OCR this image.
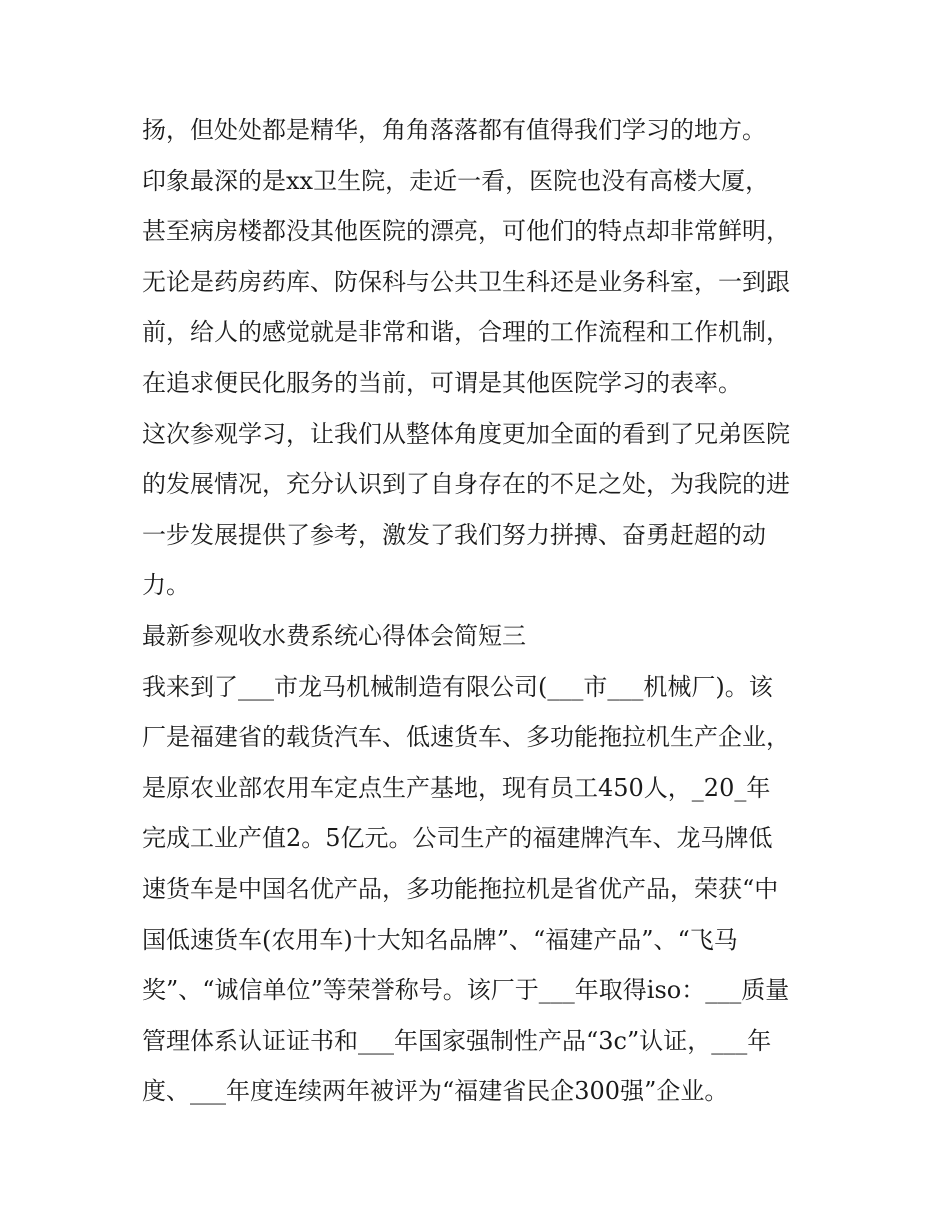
扬，但处处都是精华，角角落落都有值得我们学习的地方。
印象最深的是xx卫生院，走近一看，医院也没有高楼大厦，
甚至病房楼都没其他医院的漂亮，可他们的特点却非常鲜明，
无论是药房药库、防保科与公共卫生科还是业务科室，一到跟
前，给人的感觉就是非常和谐，合理的工作流程和工作机制，
在追求便民化服务的当前，可谓是其他医院学习的表率。
这次参观学习，让我们从整体角度更加全面的看到了兄弟医院
的发展情况，充分认识到了自身存在的不足之处，为我院的进
一步发展提供了参考，激发了我们努力拼搏、奋勇赶超的动
力。
最新参观收水费系统心得体会简短三
我来到了___市龙马机械制造有限公司(___市___机械厂)。该
厂是福建省的载货汽车、低速货车、多功能拖拉机生产企业，
是原农业部农用车定点生产基地，现有员工450人，_20_年
完成工业产值2。5亿元。公司生产的福建牌汽车、龙马牌低
速货车是中国名优产品，多功能拖拉机是省优产品，荣获“中
国低速货车(农用车)十大知名品牌”、“福建产品”、“飞马
奖”、“诚信单位”等荣誉称号。该厂于___年取得iso：___质量
管理体系认证证书和___年国家强制性产品“3c”认证，___年
度、___年度连续两年被评为“福建省民企300强”企业。
